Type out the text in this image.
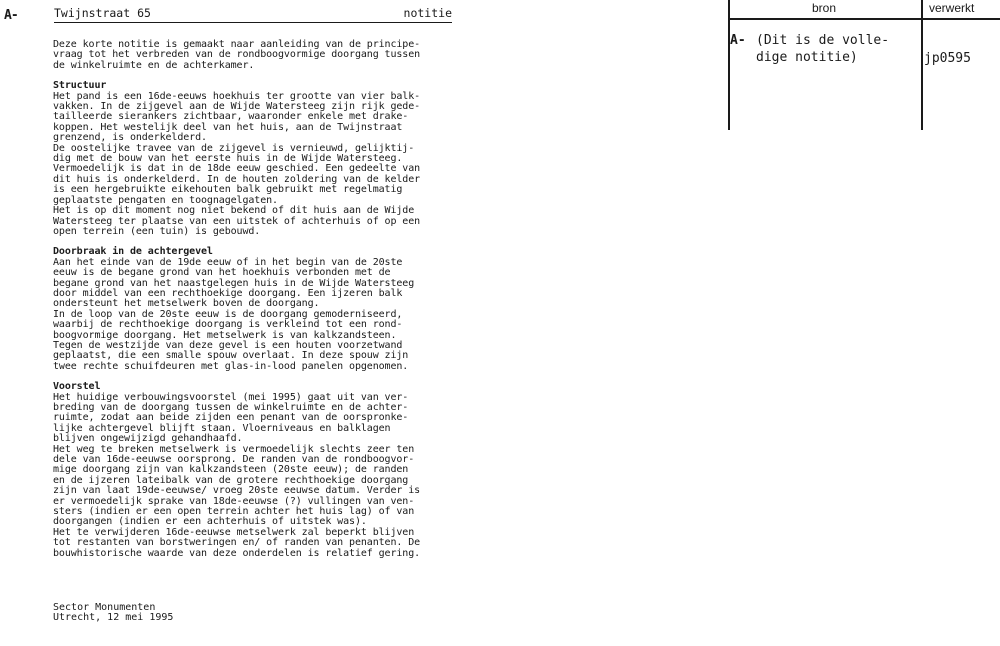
A-	Twijnstraat 65	notitie

Deze korte notitie is gemaakt naar aanleiding van de principe-

vraag tot het verbreden van de rondboogvormige doorgang tussen

de winkelruimte en de achterkamer.

Structuur

Het pand is een 16de-eeuws hoekhuis ter grootte van vier balk-

vakken. In de zijgevel aan de Wijde Watersteeg zijn rijk gede-

tailleerde sierankers zichtbaar, waaronder enkele met drake-

koppen. Het westelijk deel van het huis, aan de Twijnstraat

grenzend, is onderkelderd.

De oostelijke travee van de zijgevel is vernieuwd, gelijktij-

dig met de bouw van het eerste huis in de Wijde Watersteeg.

Vermoedelijk is dat in de 18de eeuw geschied. Een gedeelte van

dit huis is onderkelderd. In de houten zoldering van de kelder

is een hergebruikte eikehouten balk gebruikt met regelmatig

geplaatste pengaten en toognagelgaten.

Het is op dit moment nog niet bekend of dit huis aan de Wijde

Watersteeg ter plaatse van een uitstek of achterhuis of op een

open terrein (een tuin) is gebouwd.

Doorbraak in de achtergevel

Aan het einde van de 19de eeuw of in het begin van de 20ste

eeuw is de begane grond van het hoekhuis verbonden met de

begane grond van het naastgelegen huis in de Wijde Watersteeg

door middel van een rechthoekige doorgang. Een ijzeren balk

ondersteunt het metselwerk boven de doorgang.

In de loop van de 20ste eeuw is de doorgang gemoderniseerd,

waarbij de rechthoekige doorgang is verkleind tot een rond-

boogvormige doorgang. Het metselwerk is van kalkzandsteen.

Tegen de westzijde van deze gevel is een houten voorzetwand

geplaatst, die een smalle spouw overlaat. In deze spouw zijn

twee rechte schuifdeuren met glas-in-lood panelen opgenomen.

Voorstel

Het huidige verbouwingsvoorstel (mei 1995) gaat uit van ver-

breding van de doorgang tussen de winkelruimte en de achter-

ruimte, zodat aan beide zijden een penant van de oorspronke-

lijke achtergevel blijft staan. Vloerniveaus en balklagen

blijven ongewijzigd gehandhaafd.

Het weg te breken metselwerk is vermoedelijk slechts zeer ten

dele van 16de-eeuwse oorsprong. De randen van de rondboogvor-

mige doorgang zijn van kalkzandsteen (20ste eeuw); de randen

en de ijzeren lateibalk van de grotere rechthoekige doorgang

zijn van laat 19de-eeuwse/ vroeg 20ste eeuwse datum. Verder is

er vermoedelijk sprake van 18de-eeuwse (?) vullingen van ven-

sters (indien er een open terrein achter het huis lag) of van

doorgangen (indien er een achterhuis of uitstek was).

Het te verwijderen 16de-eeuwse metselwerk zal beperkt blijven

tot restanten van borstweringen en/ of randen van penanten. De

bouwhistorische waarde van deze onderdelen is relatief gering.

Sector Monumenten

Utrecht, 12 mei 1995

bron	verwerkt
A- (Dit is de volle-
dige notitie)	jp0595
